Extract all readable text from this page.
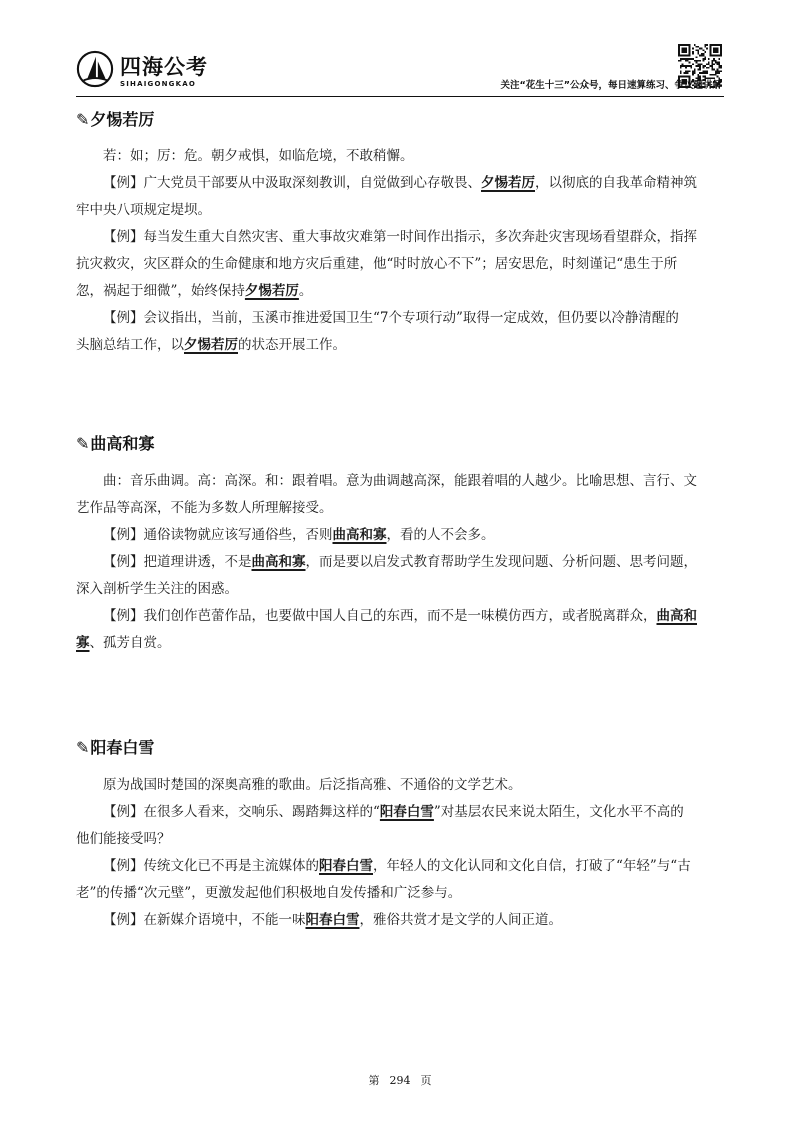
四海公考
SIHAIGONGKAO	关注“花生十三”公众号，每日速算练习、争议题讲解
✎夕惕若厉

若：如；厉：危。朝夕戒惧，如临危境，不敢稍懈。

【例】广大党员干部要从中汲取深刻教训，自觉做到心存敬畏、夕惕若厉，以彻底的自我革命精神筑

牢中央八项规定堤坝。

【例】每当发生重大自然灾害、重大事故灾难第一时间作出指示，多次奔赴灾害现场看望群众，指挥

抗灾救灾，灾区群众的生命健康和地方灾后重建，他“时时放心不下”；居安思危，时刻谨记“患生于所

忽，祸起于细微”，始终保持夕惕若厉。

【例】会议指出，当前，玉溪市推进爱国卫生“7个专项行动”取得一定成效，但仍要以冷静清醒的

头脑总结工作，以夕惕若厉的状态开展工作。

✎曲高和寡

曲：音乐曲调。高：高深。和：跟着唱。意为曲调越高深，能跟着唱的人越少。比喻思想、言行、文

艺作品等高深，不能为多数人所理解接受。

【例】通俗读物就应该写通俗些，否则曲高和寡，看的人不会多。

【例】把道理讲透，不是曲高和寡，而是要以启发式教育帮助学生发现问题、分析问题、思考问题，

深入剖析学生关注的困惑。

【例】我们创作芭蕾作品，也要做中国人自己的东西，而不是一味模仿西方，或者脱离群众，曲高和

寡、孤芳自赏。

✎阳春白雪

原为战国时楚国的深奥高雅的歌曲。后泛指高雅、不通俗的文学艺术。

【例】在很多人看来，交响乐、踢踏舞这样的“阳春白雪”对基层农民来说太陌生，文化水平不高的

他们能接受吗？

【例】传统文化已不再是主流媒体的阳春白雪，年轻人的文化认同和文化自信，打破了“年轻”与“古

老”的传播“次元壁”，更激发起他们积极地自发传播和广泛参与。

【例】在新媒介语境中，不能一味阳春白雪，雅俗共赏才是文学的人间正道。

第 294 页
